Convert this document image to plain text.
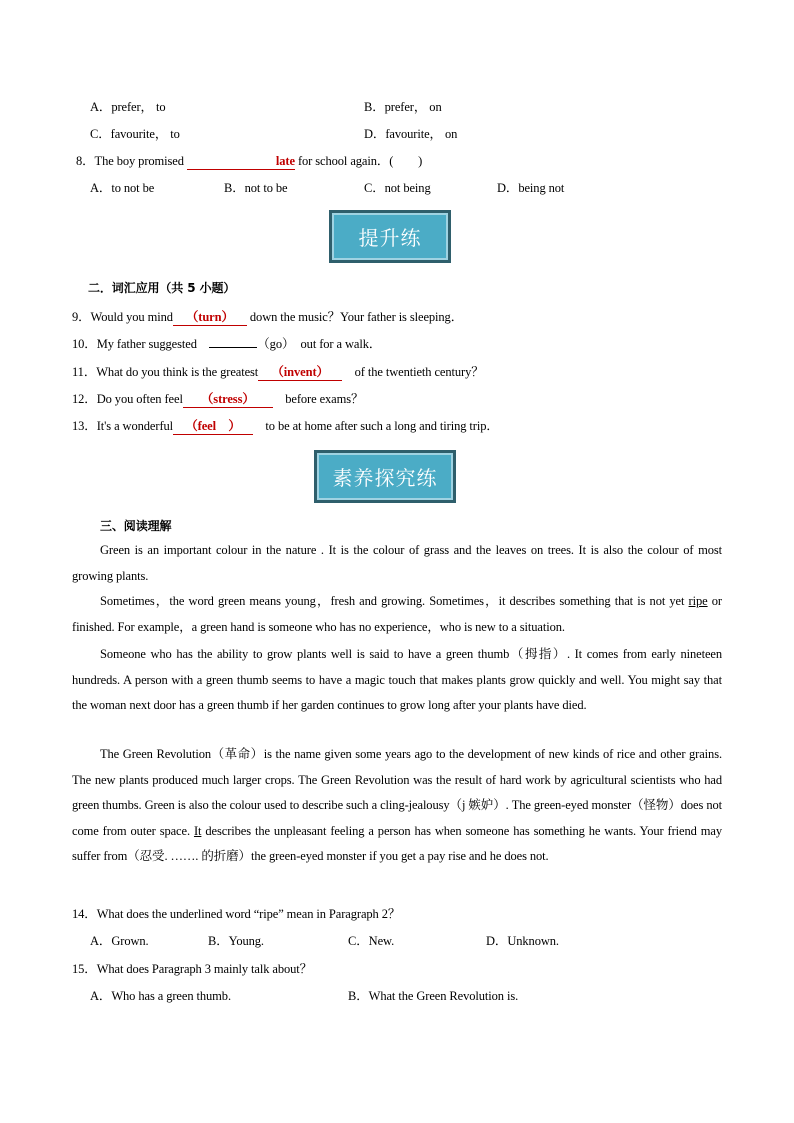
A．prefer， to	B．prefer， on
C．favourite， to	D．favourite， on
8．The boy promised	late for school again．(　　)
A．to not be	B．not to be	C．not being	D．being not
提升练
二．词汇应用（共 5 小题）
9．Would you mind （turn） down the music？Your father is sleeping．
10．My father suggested　	（go）　out for a walk．
11．What do you think is the greatest （invent）　of the twentieth century？
12．Do you often feel （stress）　before exams？
13．It's a wonderful （feel　）　to be at home after such a long and tiring trip．
素养探究练
三、阅读理解
Green is an important colour in the nature . It is the colour of grass and the leaves on trees. It is also the colour of most growing plants.
Sometimes，the word green means young，fresh and growing. Sometimes，it describes something that is not yet ripe or finished. For example，a green hand is someone who has no experience，who is new to a situation.
Someone who has the ability to grow plants well is said to have a green thumb（拇指）. It comes from early nineteen hundreds. A person with a green thumb seems to have a magic touch that makes plants grow quickly and well. You might say that the woman next door has a green thumb if her garden continues to grow long after your plants have died.
The Green Revolution（革命）is the name given some years ago to the development of new kinds of rice and other grains. The new plants produced much larger crops. The Green Revolution was the result of hard work by agricultural scientists who had green thumbs. Green is also the colour used to describe such a cling-jealousy（j 嫉妒）. The green-eyed monster（怪物）does not come from outer space. It describes the unpleasant feeling a person has when someone has something he wants. Your friend may suffer from（忍受. ……. 的折磨）the green-eyed monster if you get a pay rise and he does not.
14．What does the underlined word “ripe” mean in Paragraph 2？
A．Grown.	B．Young.	C．New.	D．Unknown.
15．What does Paragraph 3 mainly talk about？
A．Who has a green thumb.	B．What the Green Revolution is.
